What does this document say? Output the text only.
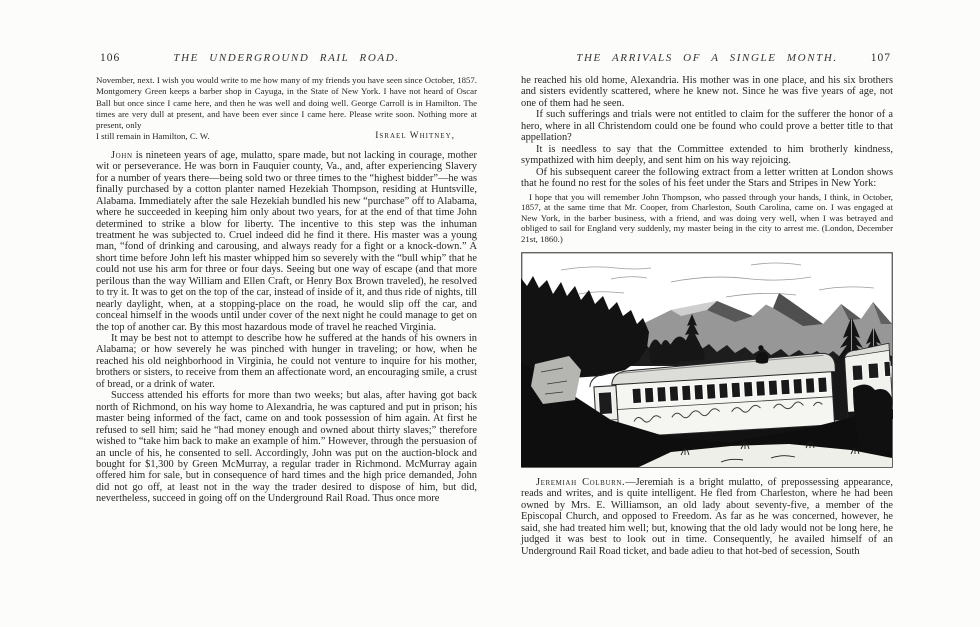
106	THE UNDERGROUND RAIL ROAD.

November, next. I wish you would write to me how many of my friends you have seen since October, 1857. Montgomery Green keeps a barber shop in Cayuga, in the State of New York. I have not heard of Oscar Ball but once since I came here, and then he was well and doing well. George Carroll is in Hamilton. The times are very dull at present, and have been ever since I came here. Please write soon. Nothing more at present, only

I still remain in Hamilton, C. W.	Israel Whitney,

John is nineteen years of age, mulatto, spare made, but not lacking in courage, mother wit or perseverance. He was born in Fauquier county, Va., and, after experiencing Slavery for a number of years there—being sold two or three times to the “highest bidder”—he was finally purchased by a cotton planter named Hezekiah Thompson, residing at Huntsville, Alabama. Immediately after the sale Hezekiah bundled his new “purchase” off to Alabama, where he succeeded in keeping him only about two years, for at the end of that time John determined to strike a blow for liberty. The incentive to this step was the inhuman treatment he was subjected to. Cruel indeed did he find it there. His master was a young man, “fond of drinking and carousing, and always ready for a fight or a knock-down.” A short time before John left his master whipped him so severely with the “bull whip” that he could not use his arm for three or four days. Seeing but one way of escape (and that more perilous than the way William and Ellen Craft, or Henry Box Brown traveled), he resolved to try it. It was to get on the top of the car, instead of inside of it, and thus ride of nights, till nearly daylight, when, at a stopping-place on the road, he would slip off the car, and conceal himself in the woods until under cover of the next night he could manage to get on the top of another car. By this most hazardous mode of travel he reached Virginia.

It may be best not to attempt to describe how he suffered at the hands of his owners in Alabama; or how severely he was pinched with hunger in traveling; or how, when he reached his old neighborhood in Virginia, he could not venture to inquire for his mother, brothers or sisters, to receive from them an affectionate word, an encouraging smile, a crust of bread, or a drink of water.

Success attended his efforts for more than two weeks; but alas, after having got back north of Richmond, on his way home to Alexandria, he was captured and put in prison; his master being informed of the fact, came on and took possession of him again. At first he refused to sell him; said he “had money enough and owned about thirty slaves;” therefore wished to “take him back to make an example of him.” However, through the persuasion of an uncle of his, he consented to sell. Accordingly, John was put on the auction-block and bought for $1,300 by Green McMurray, a regular trader in Richmond. McMurray again offered him for sale, but in consequence of hard times and the high price demanded, John did not go off, at least not in the way the trader desired to dispose of him, but did, nevertheless, succeed in going off on the Underground Rail Road. Thus once more

THE ARRIVALS OF A SINGLE MONTH.	107

he reached his old home, Alexandria. His mother was in one place, and his six brothers and sisters evidently scattered, where he knew not. Since he was five years of age, not one of them had he seen.

If such sufferings and trials were not entitled to claim for the sufferer the honor of a hero, where in all Christendom could one be found who could prove a better title to that appellation?

It is needless to say that the Committee extended to him brotherly kindness, sympathized with him deeply, and sent him on his way rejoicing.

Of his subsequent career the following extract from a letter written at London shows that he found no rest for the soles of his feet under the Stars and Stripes in New York:

I hope that you will remember John Thompson, who passed through your hands, I think, in October, 1857, at the same time that Mr. Cooper, from Charleston, South Carolina, came on. I was engaged at New York, in the barber business, with a friend, and was doing very well, when I was betrayed and obliged to sail for England very suddenly, my master being in the city to arrest me. (London, December 21st, 1860.)

Jeremiah Colburn.—Jeremiah is a bright mulatto, of prepossessing appearance, reads and writes, and is quite intelligent. He fled from Charleston, where he had been owned by Mrs. E. Williamson, an old lady about seventy-five, a member of the Episcopal Church, and opposed to Freedom. As far as he was concerned, however, he said, she had treated him well; but, knowing that the old lady would not be long here, he judged it was best to look out in time. Consequently, he availed himself of an Underground Rail Road ticket, and bade adieu to that hot-bed of secession, South
